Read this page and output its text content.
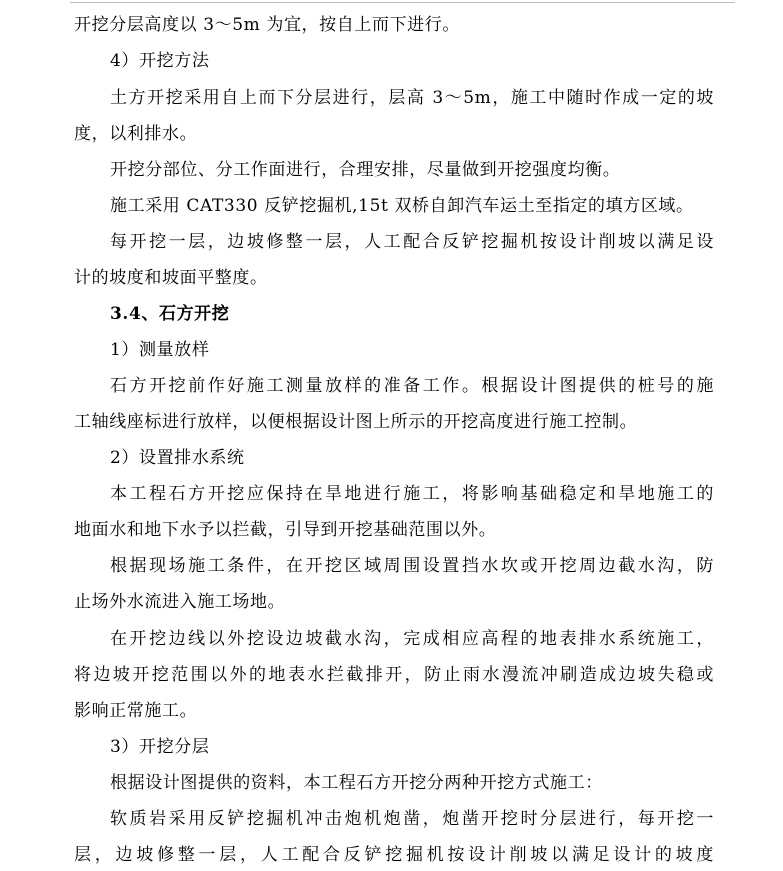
开挖分层高度以 3～5m 为宜，按自上而下进行。

4）开挖方法

土方开挖采用自上而下分层进行，层高 3～5m，施工中随时作成一定的坡

度，以利排水。

开挖分部位、分工作面进行，合理安排，尽量做到开挖强度均衡。

施工采用 CAT330 反铲挖掘机,15t 双桥自卸汽车运土至指定的填方区域。

每开挖一层，边坡修整一层，人工配合反铲挖掘机按设计削坡以满足设

计的坡度和坡面平整度。

3.4、石方开挖

1）测量放样

石方开挖前作好施工测量放样的准备工作。根据设计图提供的桩号的施

工轴线座标进行放样，以便根据设计图上所示的开挖高度进行施工控制。

2）设置排水系统

本工程石方开挖应保持在旱地进行施工，将影响基础稳定和旱地施工的

地面水和地下水予以拦截，引导到开挖基础范围以外。

根据现场施工条件，在开挖区域周围设置挡水坎或开挖周边截水沟，防

止场外水流进入施工场地。

在开挖边线以外挖设边坡截水沟，完成相应高程的地表排水系统施工，

将边坡开挖范围以外的地表水拦截排开，防止雨水漫流冲刷造成边坡失稳或

影响正常施工。

3）开挖分层

根据设计图提供的资料，本工程石方开挖分两种开挖方式施工：

软质岩采用反铲挖掘机冲击炮机炮凿，炮凿开挖时分层进行，每开挖一

层，边坡修整一层，人工配合反铲挖掘机按设计削坡以满足设计的坡度
